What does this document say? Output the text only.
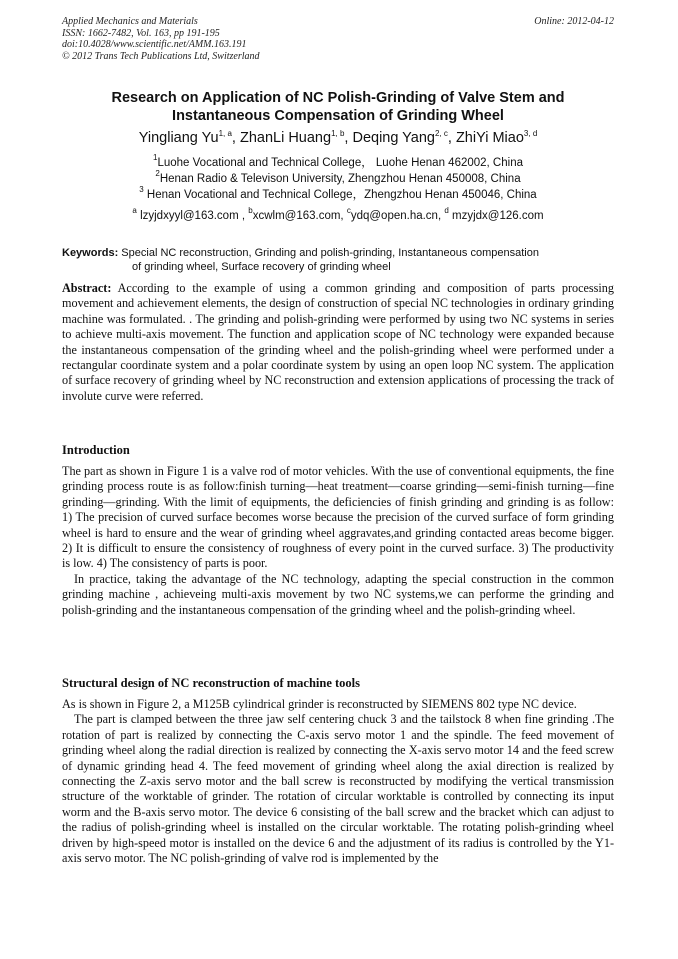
Applied Mechanics and Materials
ISSN: 1662-7482, Vol. 163, pp 191-195
doi:10.4028/www.scientific.net/AMM.163.191
© 2012 Trans Tech Publications Ltd, Switzerland
Online: 2012-04-12
Research on Application of NC Polish-Grinding of Valve Stem and
Instantaneous Compensation of Grinding Wheel
Yingliang Yu$^{1, a}$, ZhanLi Huang$^{1, b}$, Deqing Yang$^{2, c}$, ZhiYi Miao$^{3, d}$
$^1$Luohe Vocational and Technical College， Luohe Henan 462002, China
$^2$Henan Radio & Televison University, Zhengzhou Henan 450008, China
$^3$ Henan Vocational and Technical College，Zhengzhou Henan 450046, China
$^a$ lzyjdxyyl@163.com , $^b$xcwlm@163.com, $^c$ydq@open.ha.cn, $^d$ mzyjdx@126.com
Keywords: Special NC reconstruction, Grinding and polish-grinding, Instantaneous compensation
of grinding wheel, Surface recovery of grinding wheel

Abstract: According to the example of using a common grinding and composition of parts processing movement and achievement elements, the design of construction of special NC technologies in ordinary grinding machine was formulated. . The grinding and polish-grinding were performed by using two NC systems in series to achieve multi-axis movement. The function and application scope of NC technology were expanded because the instantaneous compensation of the grinding wheel and the polish-grinding wheel were performed under a rectangular coordinate system and a polar coordinate system by using an open loop NC system. The application of surface recovery of grinding wheel by NC reconstruction and extension applications of processing the track of involute curve were referred.

Introduction

The part as shown in Figure 1 is a valve rod of motor vehicles. With the use of conventional equipments, the fine grinding process route is as follow:finish turning—heat treatment—coarse grinding—semi-finish turning—fine grinding—grinding. With the limit of equipments, the deficiencies of finish grinding and grinding is as follow: 1) The precision of curved surface becomes worse because the precision of the curved surface of form grinding wheel is hard to ensure and the wear of grinding wheel aggravates,and grinding contacted areas become bigger. 2) It is difficult to ensure the consistency of roughness of every point in the curved surface. 3) The productivity is low. 4) The consistency of parts is poor.

In practice, taking the advantage of the NC technology, adapting the special construction in the common grinding machine , achieveing multi-axis movement by two NC systems,we can performe the grinding and polish-grinding and the instantaneous compensation of the grinding wheel and the polish-grinding wheel.

Structural design of NC reconstruction of machine tools

As is shown in Figure 2, a M125B cylindrical grinder is reconstructed by SIEMENS 802 type NC device.

The part is clamped between the three jaw self centering chuck 3 and the tailstock 8 when fine grinding .The rotation of part is realized by connecting the C-axis servo motor 1 and the spindle. The feed movement of grinding wheel along the radial direction is realized by connecting the X-axis servo motor 14 and the feed screw of dynamic grinding head 4. The feed movement of grinding wheel along the axial direction is realized by connecting the Z-axis servo motor and the ball screw is reconstructed by modifying the vertical transmission structure of the worktable of grinder. The rotation of circular worktable is controlled by connecting its input worm and the B-axis servo motor. The device 6 consisting of the ball screw and the bracket which can adjust to the radius of polish-grinding wheel is installed on the circular worktable. The rotating polish-grinding wheel driven by high-speed motor is installed on the device 6 and the adjustment of its radius is controlled by the Y1-axis servo motor. The NC polish-grinding of valve rod is implemented by the
